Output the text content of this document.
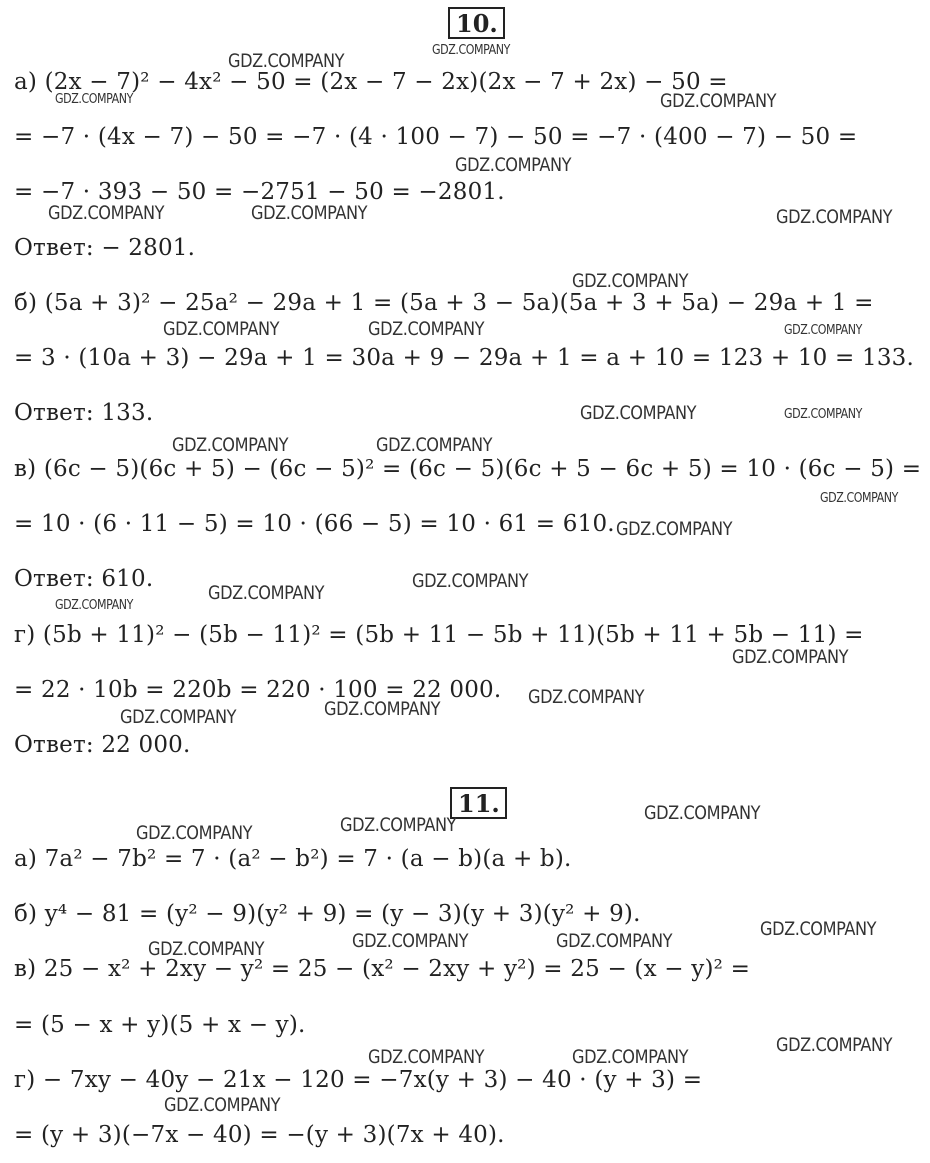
10.
а) (2x − 7)² − 4x² − 50 = (2x − 7 − 2x)(2x − 7 + 2x) − 50 =
= −7 · (4x − 7) − 50 = −7 · (4 · 100 − 7) − 50 = −7 · (400 − 7) − 50 =
= −7 · 393 − 50 = −2751 − 50 = −2801.
Ответ: − 2801.
б) (5a + 3)² − 25a² − 29a + 1 = (5a + 3 − 5a)(5a + 3 + 5a) − 29a + 1 =
= 3 · (10a + 3) − 29a + 1 = 30a + 9 − 29a + 1 = a + 10 = 123 + 10 = 133.
Ответ: 133.
в) (6c − 5)(6c + 5) − (6c − 5)² = (6c − 5)(6c + 5 − 6c + 5) = 10 · (6c − 5) =
= 10 · (6 · 11 − 5) = 10 · (66 − 5) = 10 · 61 = 610.
Ответ: 610.
г) (5b + 11)² − (5b − 11)² = (5b + 11 − 5b + 11)(5b + 11 + 5b − 11) =
= 22 · 10b = 220b = 220 · 100 = 22 000.
Ответ: 22 000.
11.
а) 7a² − 7b² = 7 · (a² − b²) = 7 · (a − b)(a + b).
б) y⁴ − 81 = (y² − 9)(y² + 9) = (y − 3)(y + 3)(y² + 9).
в) 25 − x² + 2xy − y² = 25 − (x² − 2xy + y²) = 25 − (x − y)² =
= (5 − x + y)(5 + x − y).
г) − 7xy − 40y − 21x − 120 = −7x(y + 3) − 40 · (y + 3) =
= (y + 3)(−7x − 40) = −(y + 3)(7x + 40).
GDZ.COMPANY	GDZ.COMPANY
GDZ.COMPANY	GDZ.COMPANY
GDZ.COMPANY
GDZ.COMPANY	GDZ.COMPANY	GDZ.COMPANY
GDZ.COMPANY
GDZ.COMPANY	GDZ.COMPANY	GDZ.COMPANY
GDZ.COMPANY	GDZ.COMPANY
GDZ.COMPANY	GDZ.COMPANY
GDZ.COMPANY
GDZ.COMPANY
GDZ.COMPANY
GDZ.COMPANY
GDZ.COMPANY
GDZ.COMPANY
GDZ.COMPANY
GDZ.COMPANY
GDZ.COMPANY
GDZ.COMPANY
GDZ.COMPANY
GDZ.COMPANY
GDZ.COMPANY
GDZ.COMPANY	GDZ.COMPANY
GDZ.COMPANY
GDZ.COMPANY
GDZ.COMPANY	GDZ.COMPANY
GDZ.COMPANY
